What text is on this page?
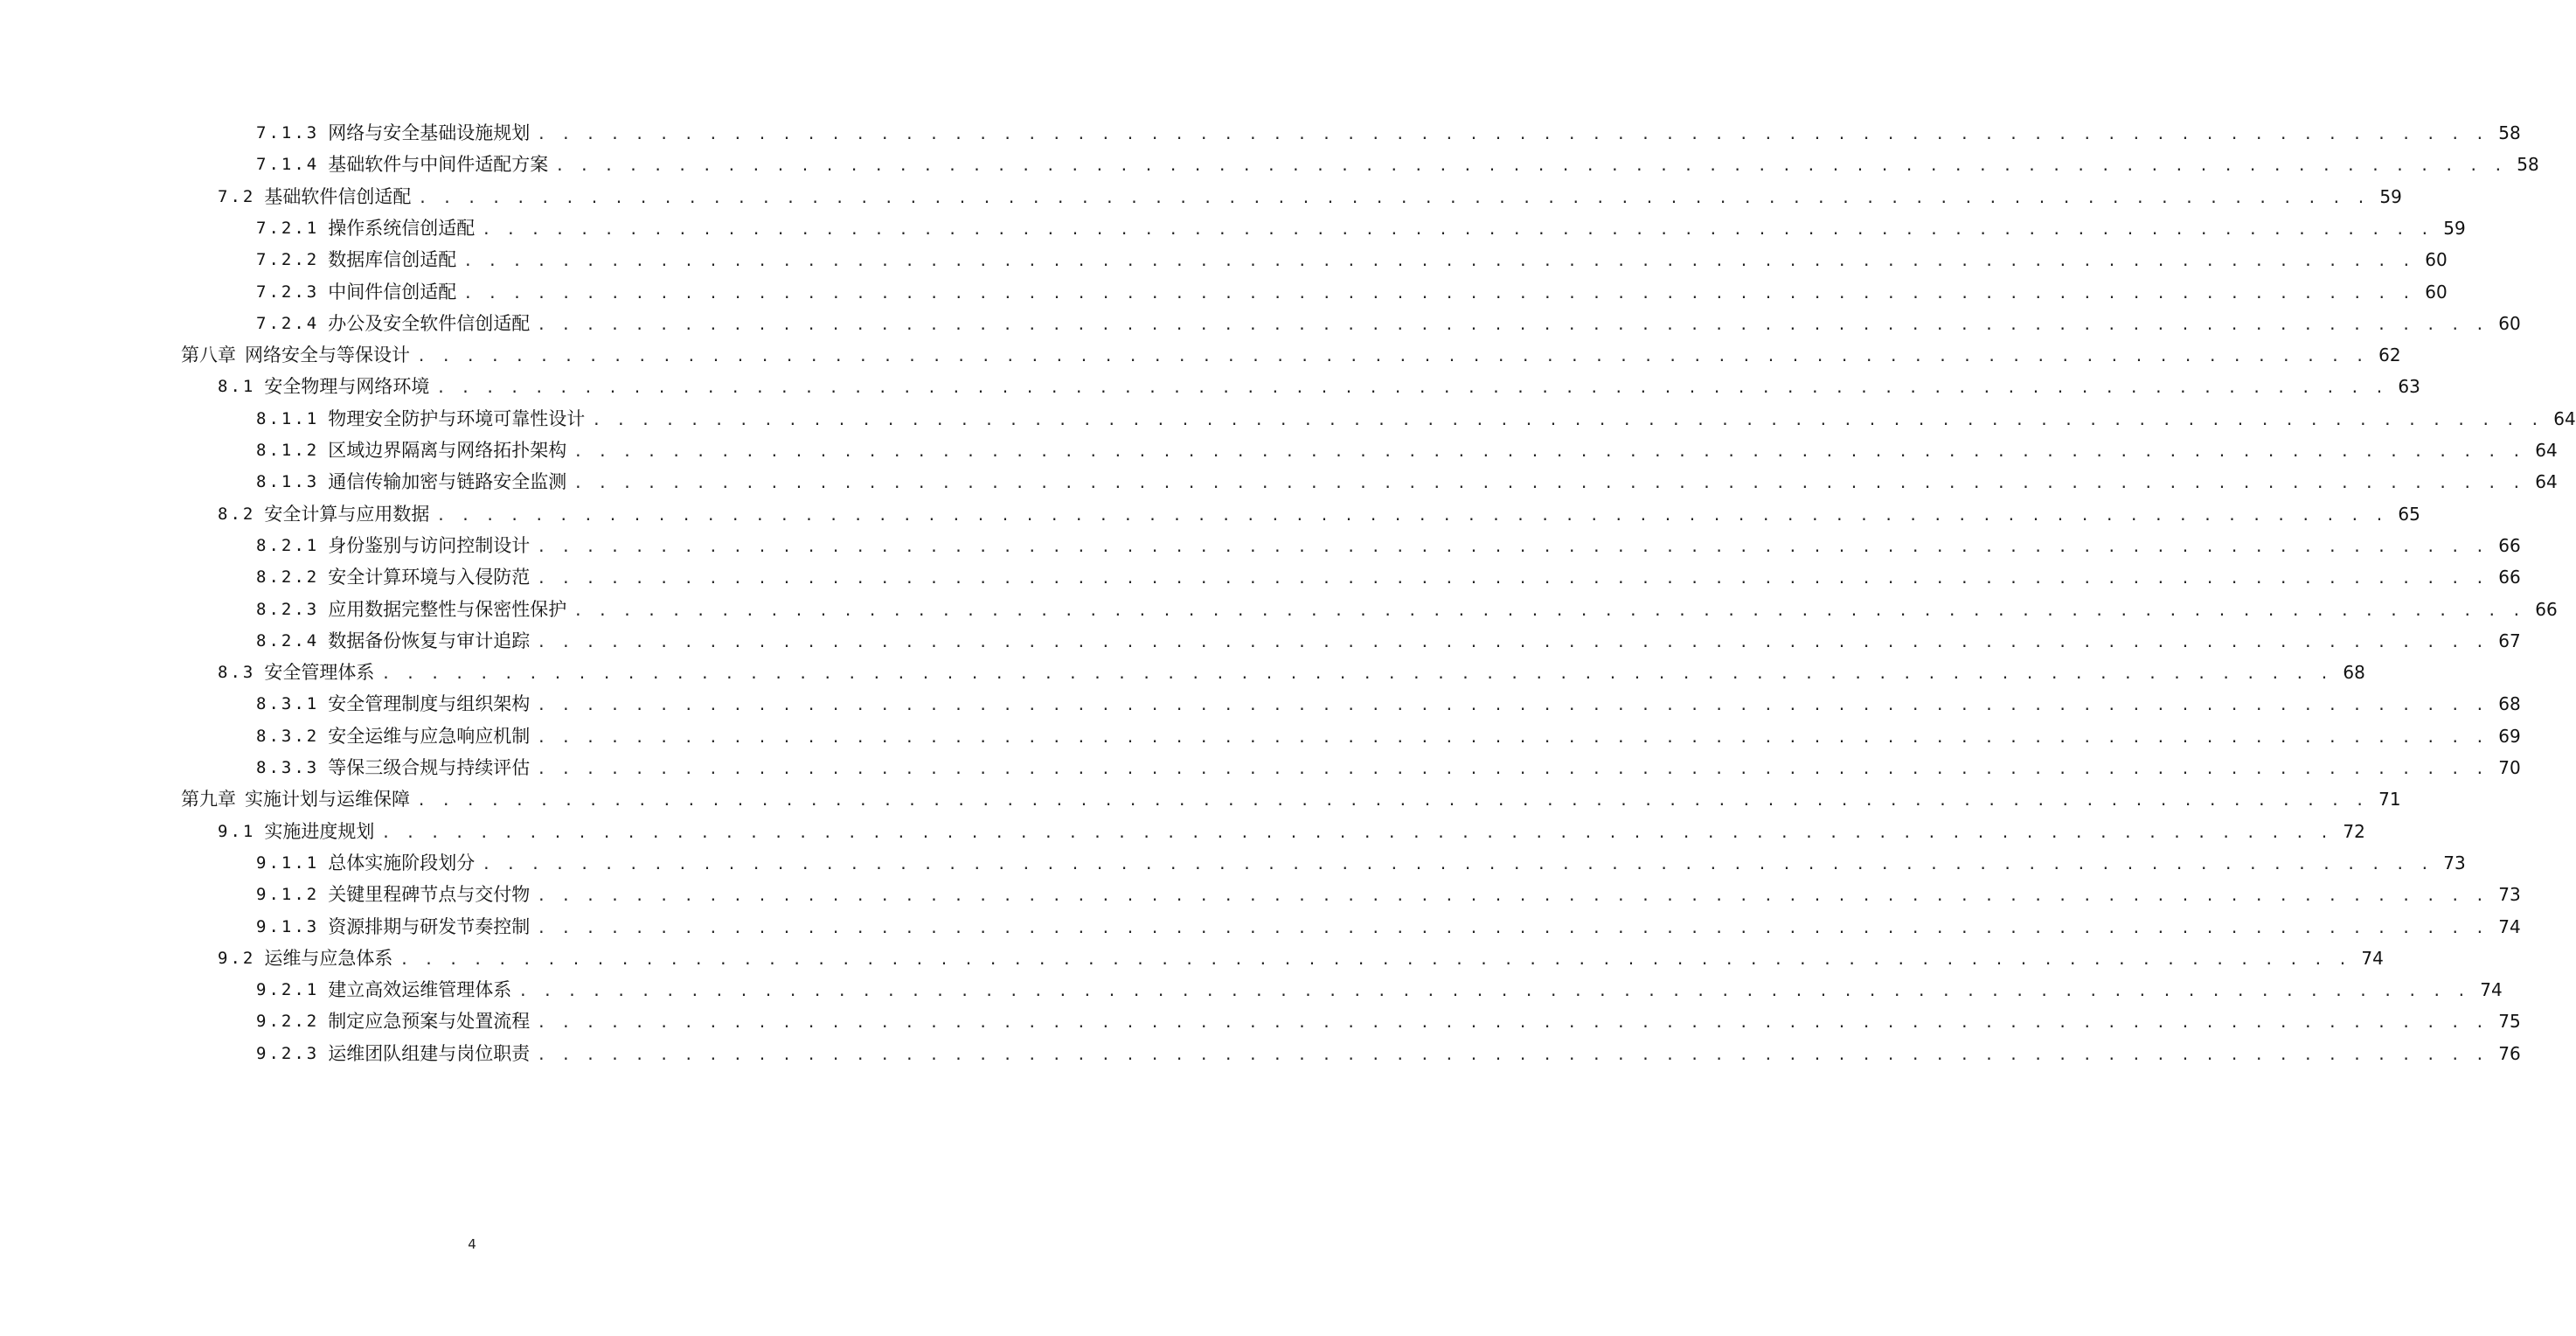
7.1.3 网络与安全基础设施规划 . . . . . . . . . . . . . . . . . . . . . . . . . . . . . . . . . . . . . . . . . . . . . . . . . . . . . . . . . . . . . . . . . . . . . . . . . . . . . . . . 58
7.1.4 基础软件与中间件适配方案 . . . . . . . . . . . . . . . . . . . . . . . . . . . . . . . . . . . . . . . . . . . . . . . . . . . . . . . . . . . . . . . . . . . . . . . . . . . . . . . . 58
7.2 基础软件信创适配 . . . . . . . . . . . . . . . . . . . . . . . . . . . . . . . . . . . . . . . . . . . . . . . . . . . . . . . . . . . . . . . . . . . . . . . . . . . . . . . . 59
7.2.1 操作系统信创适配 . . . . . . . . . . . . . . . . . . . . . . . . . . . . . . . . . . . . . . . . . . . . . . . . . . . . . . . . . . . . . . . . . . . . . . . . . . . . . . . . 59
7.2.2 数据库信创适配 . . . . . . . . . . . . . . . . . . . . . . . . . . . . . . . . . . . . . . . . . . . . . . . . . . . . . . . . . . . . . . . . . . . . . . . . . . . . . . . . 60
7.2.3 中间件信创适配 . . . . . . . . . . . . . . . . . . . . . . . . . . . . . . . . . . . . . . . . . . . . . . . . . . . . . . . . . . . . . . . . . . . . . . . . . . . . . . . . 60
7.2.4 办公及安全软件信创适配 . . . . . . . . . . . . . . . . . . . . . . . . . . . . . . . . . . . . . . . . . . . . . . . . . . . . . . . . . . . . . . . . . . . . . . . . . . . . . . . . 60
第八章 网络安全与等保设计 . . . . . . . . . . . . . . . . . . . . . . . . . . . . . . . . . . . . . . . . . . . . . . . . . . . . . . . . . . . . . . . . . . . . . . . . . . . . . . . . 62
8.1 安全物理与网络环境 . . . . . . . . . . . . . . . . . . . . . . . . . . . . . . . . . . . . . . . . . . . . . . . . . . . . . . . . . . . . . . . . . . . . . . . . . . . . . . . . 63
8.1.1 物理安全防护与环境可靠性设计 . . . . . . . . . . . . . . . . . . . . . . . . . . . . . . . . . . . . . . . . . . . . . . . . . . . . . . . . . . . . . . . . . . . . . . . . . . . . . . . . 64
8.1.2 区域边界隔离与网络拓扑架构 . . . . . . . . . . . . . . . . . . . . . . . . . . . . . . . . . . . . . . . . . . . . . . . . . . . . . . . . . . . . . . . . . . . . . . . . . . . . . . . . 64
8.1.3 通信传输加密与链路安全监测 . . . . . . . . . . . . . . . . . . . . . . . . . . . . . . . . . . . . . . . . . . . . . . . . . . . . . . . . . . . . . . . . . . . . . . . . . . . . . . . . 64
8.2 安全计算与应用数据 . . . . . . . . . . . . . . . . . . . . . . . . . . . . . . . . . . . . . . . . . . . . . . . . . . . . . . . . . . . . . . . . . . . . . . . . . . . . . . . . 65
8.2.1 身份鉴别与访问控制设计 . . . . . . . . . . . . . . . . . . . . . . . . . . . . . . . . . . . . . . . . . . . . . . . . . . . . . . . . . . . . . . . . . . . . . . . . . . . . . . . . 66
8.2.2 安全计算环境与入侵防范 . . . . . . . . . . . . . . . . . . . . . . . . . . . . . . . . . . . . . . . . . . . . . . . . . . . . . . . . . . . . . . . . . . . . . . . . . . . . . . . . 66
8.2.3 应用数据完整性与保密性保护 . . . . . . . . . . . . . . . . . . . . . . . . . . . . . . . . . . . . . . . . . . . . . . . . . . . . . . . . . . . . . . . . . . . . . . . . . . . . . . . . 66
8.2.4 数据备份恢复与审计追踪 . . . . . . . . . . . . . . . . . . . . . . . . . . . . . . . . . . . . . . . . . . . . . . . . . . . . . . . . . . . . . . . . . . . . . . . . . . . . . . . . 67
8.3 安全管理体系 . . . . . . . . . . . . . . . . . . . . . . . . . . . . . . . . . . . . . . . . . . . . . . . . . . . . . . . . . . . . . . . . . . . . . . . . . . . . . . . . 68
8.3.1 安全管理制度与组织架构 . . . . . . . . . . . . . . . . . . . . . . . . . . . . . . . . . . . . . . . . . . . . . . . . . . . . . . . . . . . . . . . . . . . . . . . . . . . . . . . . 68
8.3.2 安全运维与应急响应机制 . . . . . . . . . . . . . . . . . . . . . . . . . . . . . . . . . . . . . . . . . . . . . . . . . . . . . . . . . . . . . . . . . . . . . . . . . . . . . . . . 69
8.3.3 等保三级合规与持续评估 . . . . . . . . . . . . . . . . . . . . . . . . . . . . . . . . . . . . . . . . . . . . . . . . . . . . . . . . . . . . . . . . . . . . . . . . . . . . . . . . 70
第九章 实施计划与运维保障 . . . . . . . . . . . . . . . . . . . . . . . . . . . . . . . . . . . . . . . . . . . . . . . . . . . . . . . . . . . . . . . . . . . . . . . . . . . . . . . . 71
9.1 实施进度规划 . . . . . . . . . . . . . . . . . . . . . . . . . . . . . . . . . . . . . . . . . . . . . . . . . . . . . . . . . . . . . . . . . . . . . . . . . . . . . . . . 72
9.1.1 总体实施阶段划分 . . . . . . . . . . . . . . . . . . . . . . . . . . . . . . . . . . . . . . . . . . . . . . . . . . . . . . . . . . . . . . . . . . . . . . . . . . . . . . . . 73
9.1.2 关键里程碑节点与交付物 . . . . . . . . . . . . . . . . . . . . . . . . . . . . . . . . . . . . . . . . . . . . . . . . . . . . . . . . . . . . . . . . . . . . . . . . . . . . . . . . 73
9.1.3 资源排期与研发节奏控制 . . . . . . . . . . . . . . . . . . . . . . . . . . . . . . . . . . . . . . . . . . . . . . . . . . . . . . . . . . . . . . . . . . . . . . . . . . . . . . . . 74
9.2 运维与应急体系 . . . . . . . . . . . . . . . . . . . . . . . . . . . . . . . . . . . . . . . . . . . . . . . . . . . . . . . . . . . . . . . . . . . . . . . . . . . . . . . . 74
9.2.1 建立高效运维管理体系 . . . . . . . . . . . . . . . . . . . . . . . . . . . . . . . . . . . . . . . . . . . . . . . . . . . . . . . . . . . . . . . . . . . . . . . . . . . . . . . . 74
9.2.2 制定应急预案与处置流程 . . . . . . . . . . . . . . . . . . . . . . . . . . . . . . . . . . . . . . . . . . . . . . . . . . . . . . . . . . . . . . . . . . . . . . . . . . . . . . . . 75
9.2.3 运维团队组建与岗位职责 . . . . . . . . . . . . . . . . . . . . . . . . . . . . . . . . . . . . . . . . . . . . . . . . . . . . . . . . . . . . . . . . . . . . . . . . . . . . . . . . 76
4
